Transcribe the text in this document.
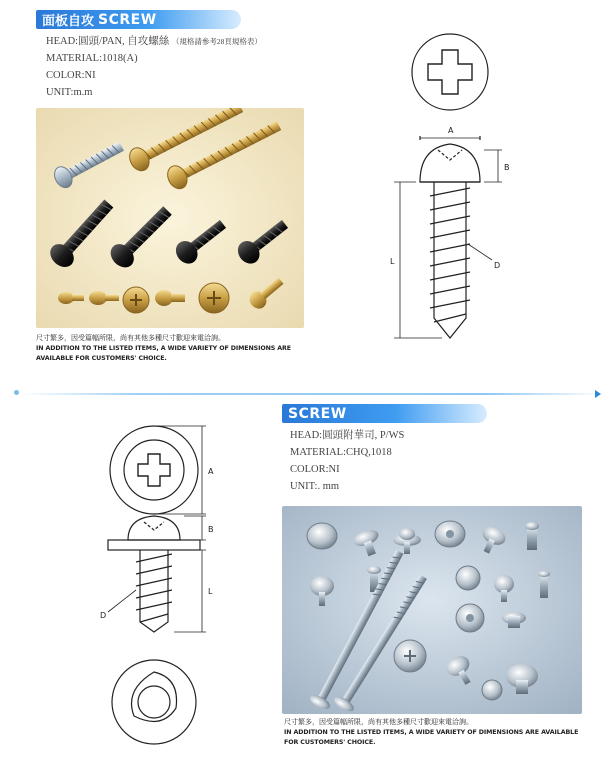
面板自攻 SCREW
HEAD:圓頭/PAN, 自攻螺絲 （規格請參考28頁規格表）
MATERIAL:1018(A)
COLOR:NI
UNIT:m.m
尺寸繁多，因受篇幅所限，尚有其他多種尺寸歡迎來電洽詢。
IN ADDITION TO THE LISTED ITEMS, A WIDE VARIETY OF DIMENSIONS ARE
AVAILABLE FOR CUSTOMERS' CHOICE.
A
B
L	D
SCREW
HEAD:圓頭附華司, P/WS
MATERIAL:CHQ,1018
COLOR:NI
UNIT:. mm
尺寸繁多，因受篇幅所限，尚有其他多種尺寸歡迎來電洽詢。
IN ADDITION TO THE LISTED ITEMS, A WIDE VARIETY OF DIMENSIONS ARE AVAILABLE
FOR CUSTOMERS' CHOICE.
A
B
L
D
